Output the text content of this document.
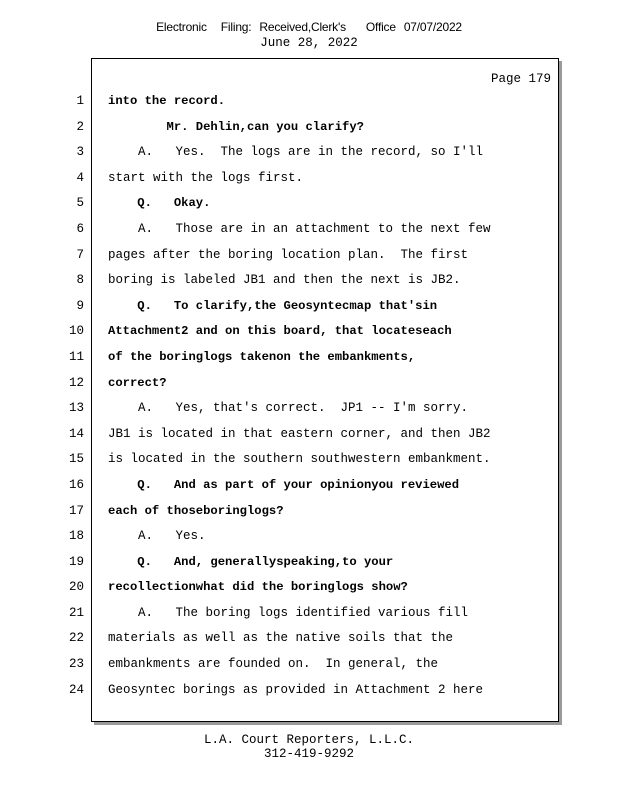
Electronic Filing: Received,Clerk's Office 07/07/2022
June 28, 2022
Page 179
1 into the record.
2 Mr. Dehlin,can you clarify?
3 A.   Yes.  The logs are in the record, so I'll
4 start with the logs first.
5 Q.   Okay.
6 A.   Those are in an attachment to the next few
7 pages after the boring location plan.  The first
8 boring is labeled JB1 and then the next is JB2.
9 Q.   To clarify,the Geosyntecmap that'sin
10 Attachment2 and on this board, that locateseach
11 of the boringlogs takenon the embankments,
12 correct?
13 A.   Yes, that's correct.  JP1 -- I'm sorry.
14 JB1 is located in that eastern corner, and then JB2
15 is located in the southern southwestern embankment.
16 Q.   And as part of your opinionyou reviewed
17 each of thoseboringlogs?
18 A.   Yes.
19 Q.   And, generallyspeaking,to your
20 recollectionwhat did the boringlogs show?
21 A.   The boring logs identified various fill
22 materials as well as the native soils that the
23 embankments are founded on.  In general, the
24 Geosyntec borings as provided in Attachment 2 here
L.A. Court Reporters, L.L.C.
312-419-9292
